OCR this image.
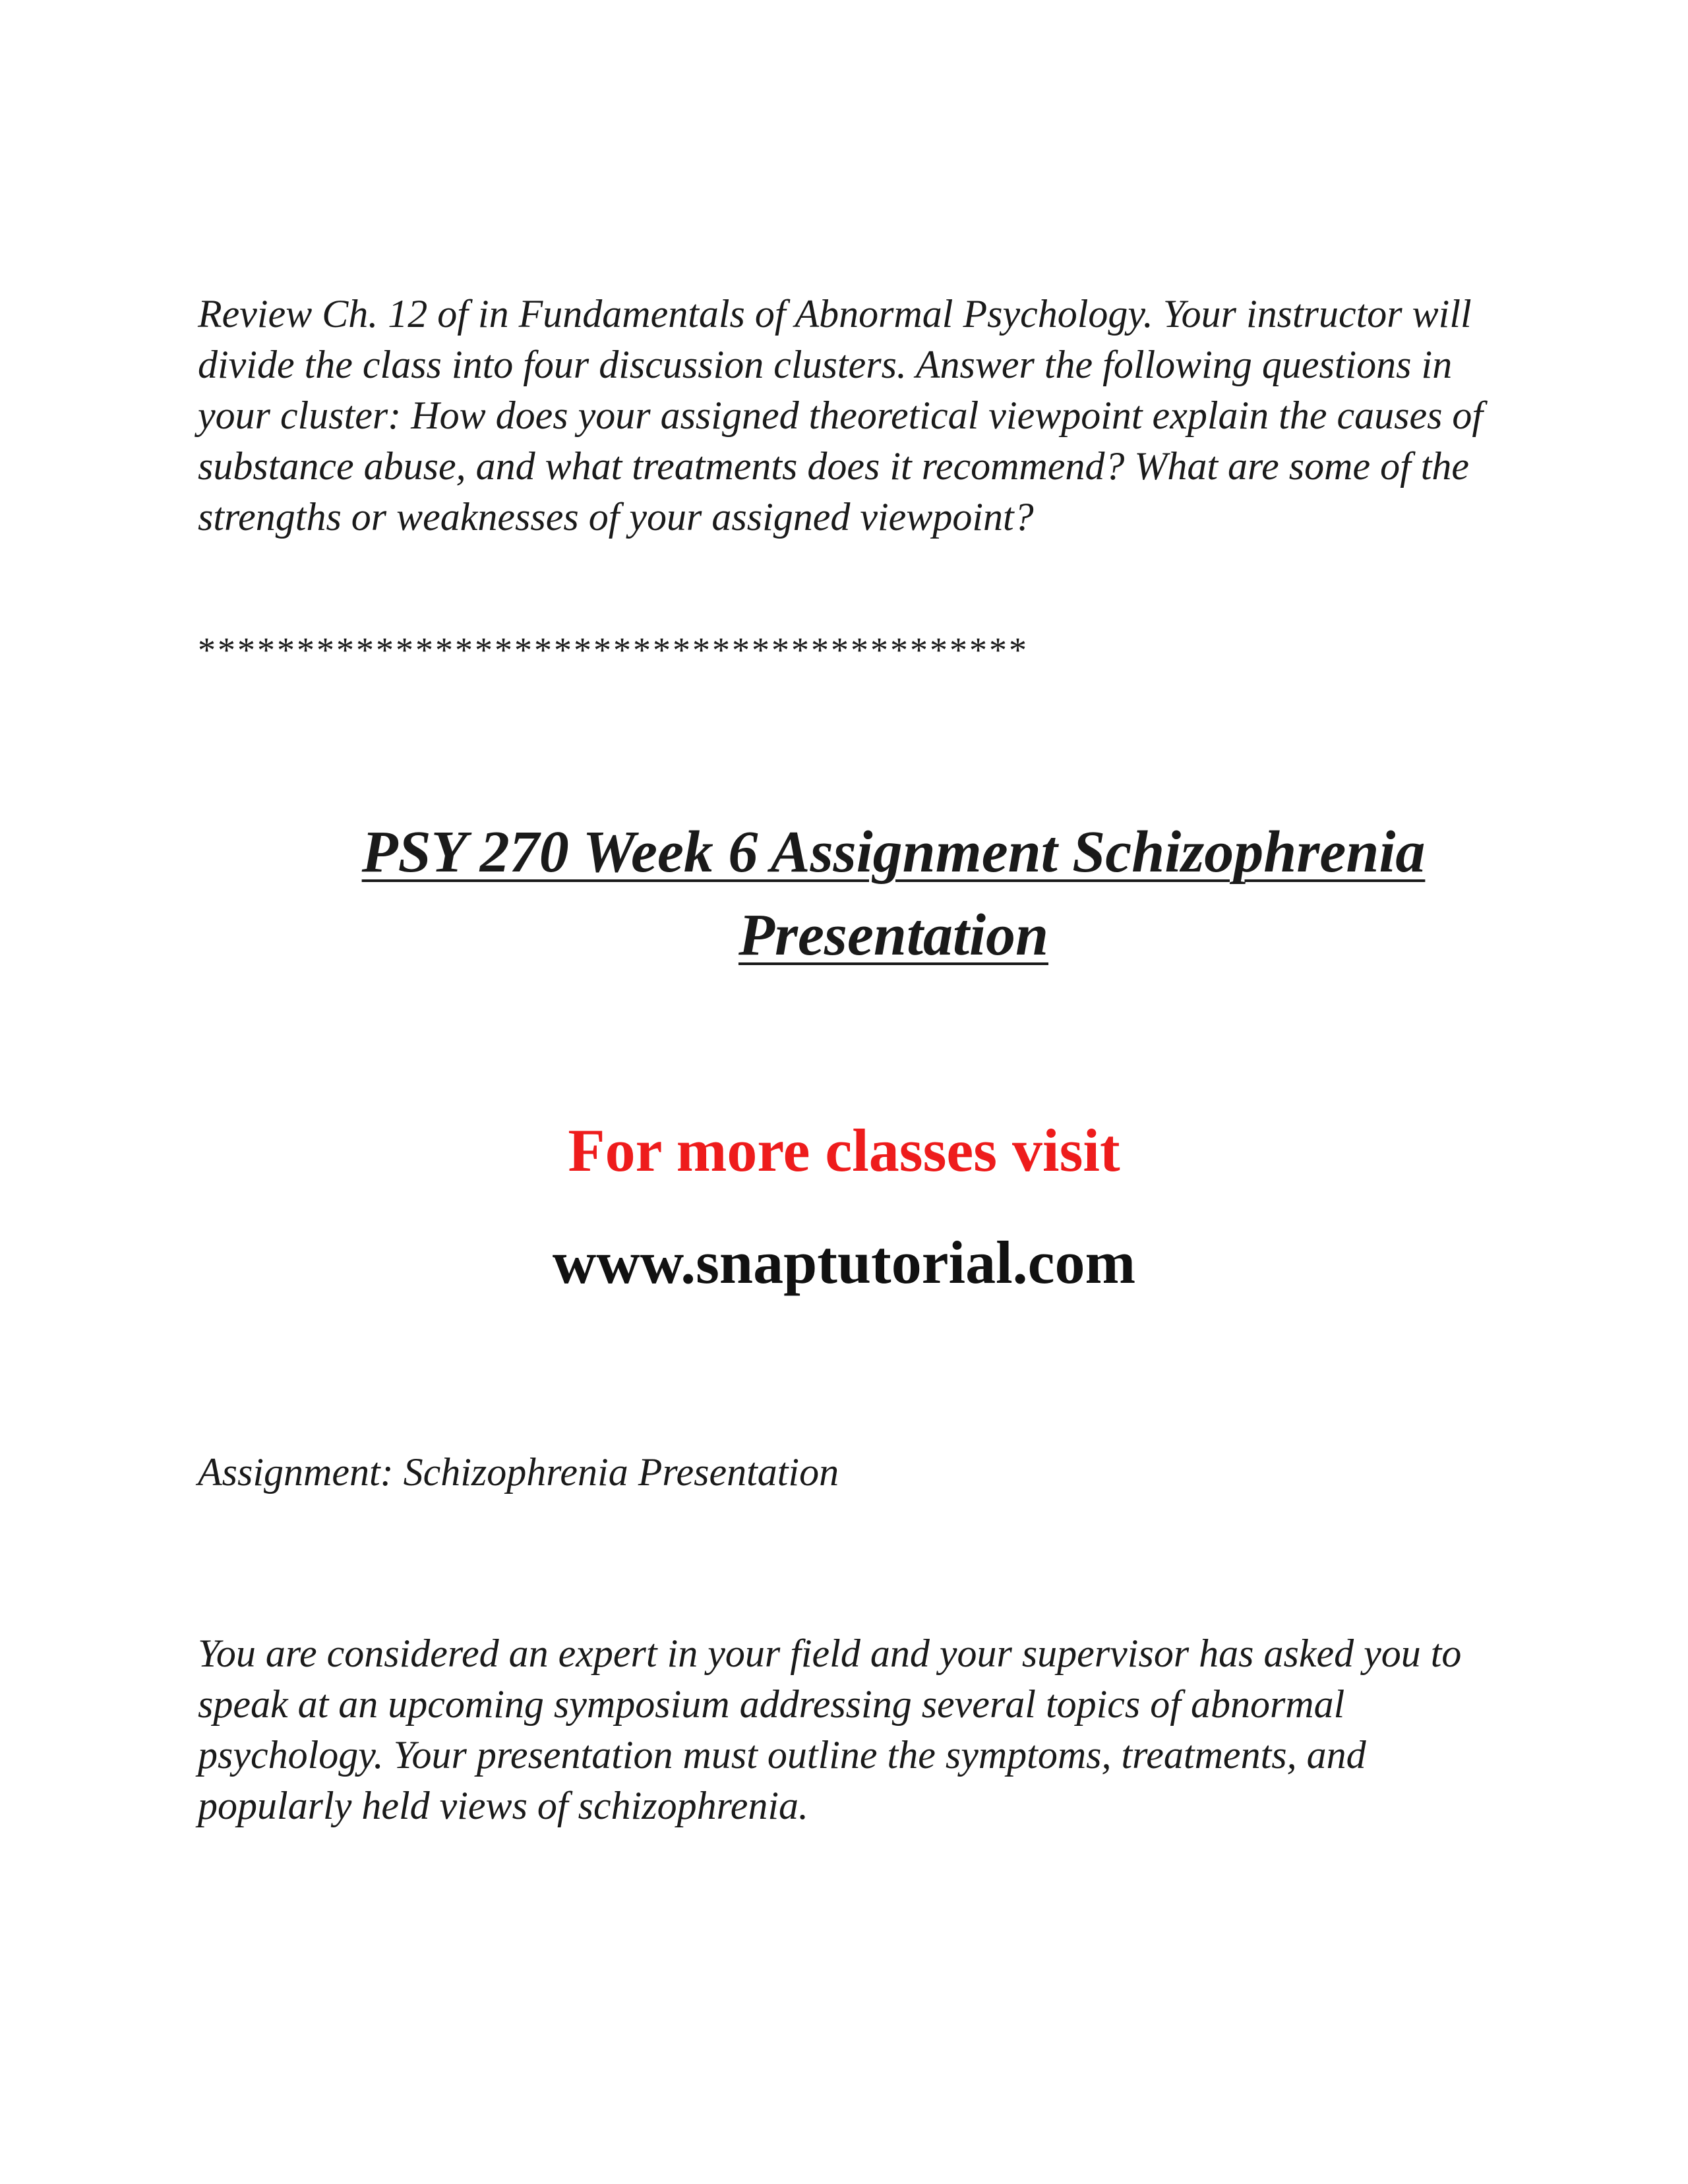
Review Ch. 12 of in Fundamentals of Abnormal Psychology. Your instructor will divide the class into four discussion clusters. Answer the following questions in your cluster: How does your assigned theoretical viewpoint explain the causes of substance abuse, and what treatments does it recommend? What are some of the strengths or weaknesses of your assigned viewpoint?

******************************************

PSY 270 Week 6 Assignment Schizophrenia
Presentation

For more classes visit

www.snaptutorial.com

Assignment: Schizophrenia Presentation

You are considered an expert in your field and your supervisor has asked you to speak at an upcoming symposium addressing several topics of abnormal psychology. Your presentation must outline the symptoms, treatments, and popularly held views of schizophrenia.
